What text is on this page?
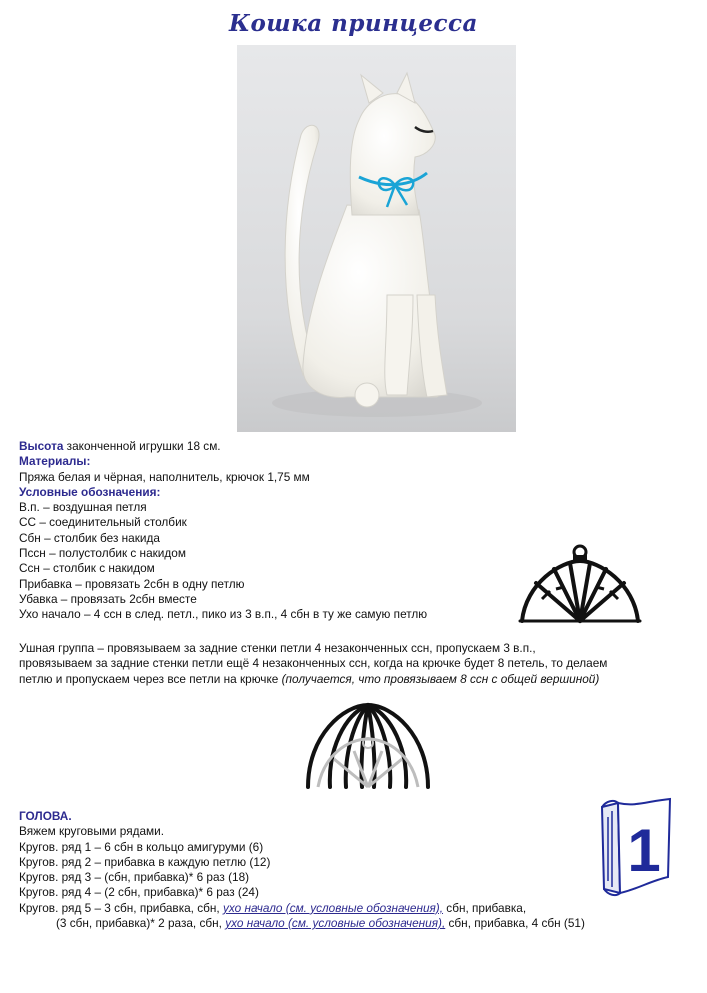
Кошка принцесса
Высота законченной игрушки 18 см.
Материалы:
Пряжа белая и чёрная, наполнитель, крючок 1,75 мм
Условные обозначения:
В.п. – воздушная петля
СС – соединительный столбик
Сбн – столбик без накида
Пссн – полустолбик с накидом
Ссн – столбик с накидом
Прибавка – провязать 2сбн в одну петлю
Убавка – провязать 2сбн вместе
Ухо начало – 4 ссн в след. петл., пико из 3 в.п., 4 сбн в ту же самую петлю
Ушная группа – провязываем за задние стенки петли 4 незаконченных ссн, пропускаем 3 в.п.,
провязываем за задние стенки петли ещё 4 незаконченных ссн, когда на крючке будет 8 петель, то делаем
петлю и пропускаем через все петли на крючке (получается, что провязываем 8 ссн с общей вершиной)
ГОЛОВА.
Вяжем круговыми рядами.
Кругов. ряд 1 – 6 сбн в кольцо амигуруми (6)
Кругов. ряд 2 – прибавка в каждую петлю (12)
Кругов. ряд 3 – (сбн, прибавка)* 6 раз (18)
Кругов. ряд 4 – (2 сбн, прибавка)* 6 раз (24)
Кругов. ряд 5 – 3 сбн, прибавка, сбн, ухо начало (см. условные обозначения), сбн, прибавка,
(3 сбн, прибавка)* 2 раза, сбн, ухо начало (см. условные обозначения), сбн, прибавка, 4 сбн (51)
1
